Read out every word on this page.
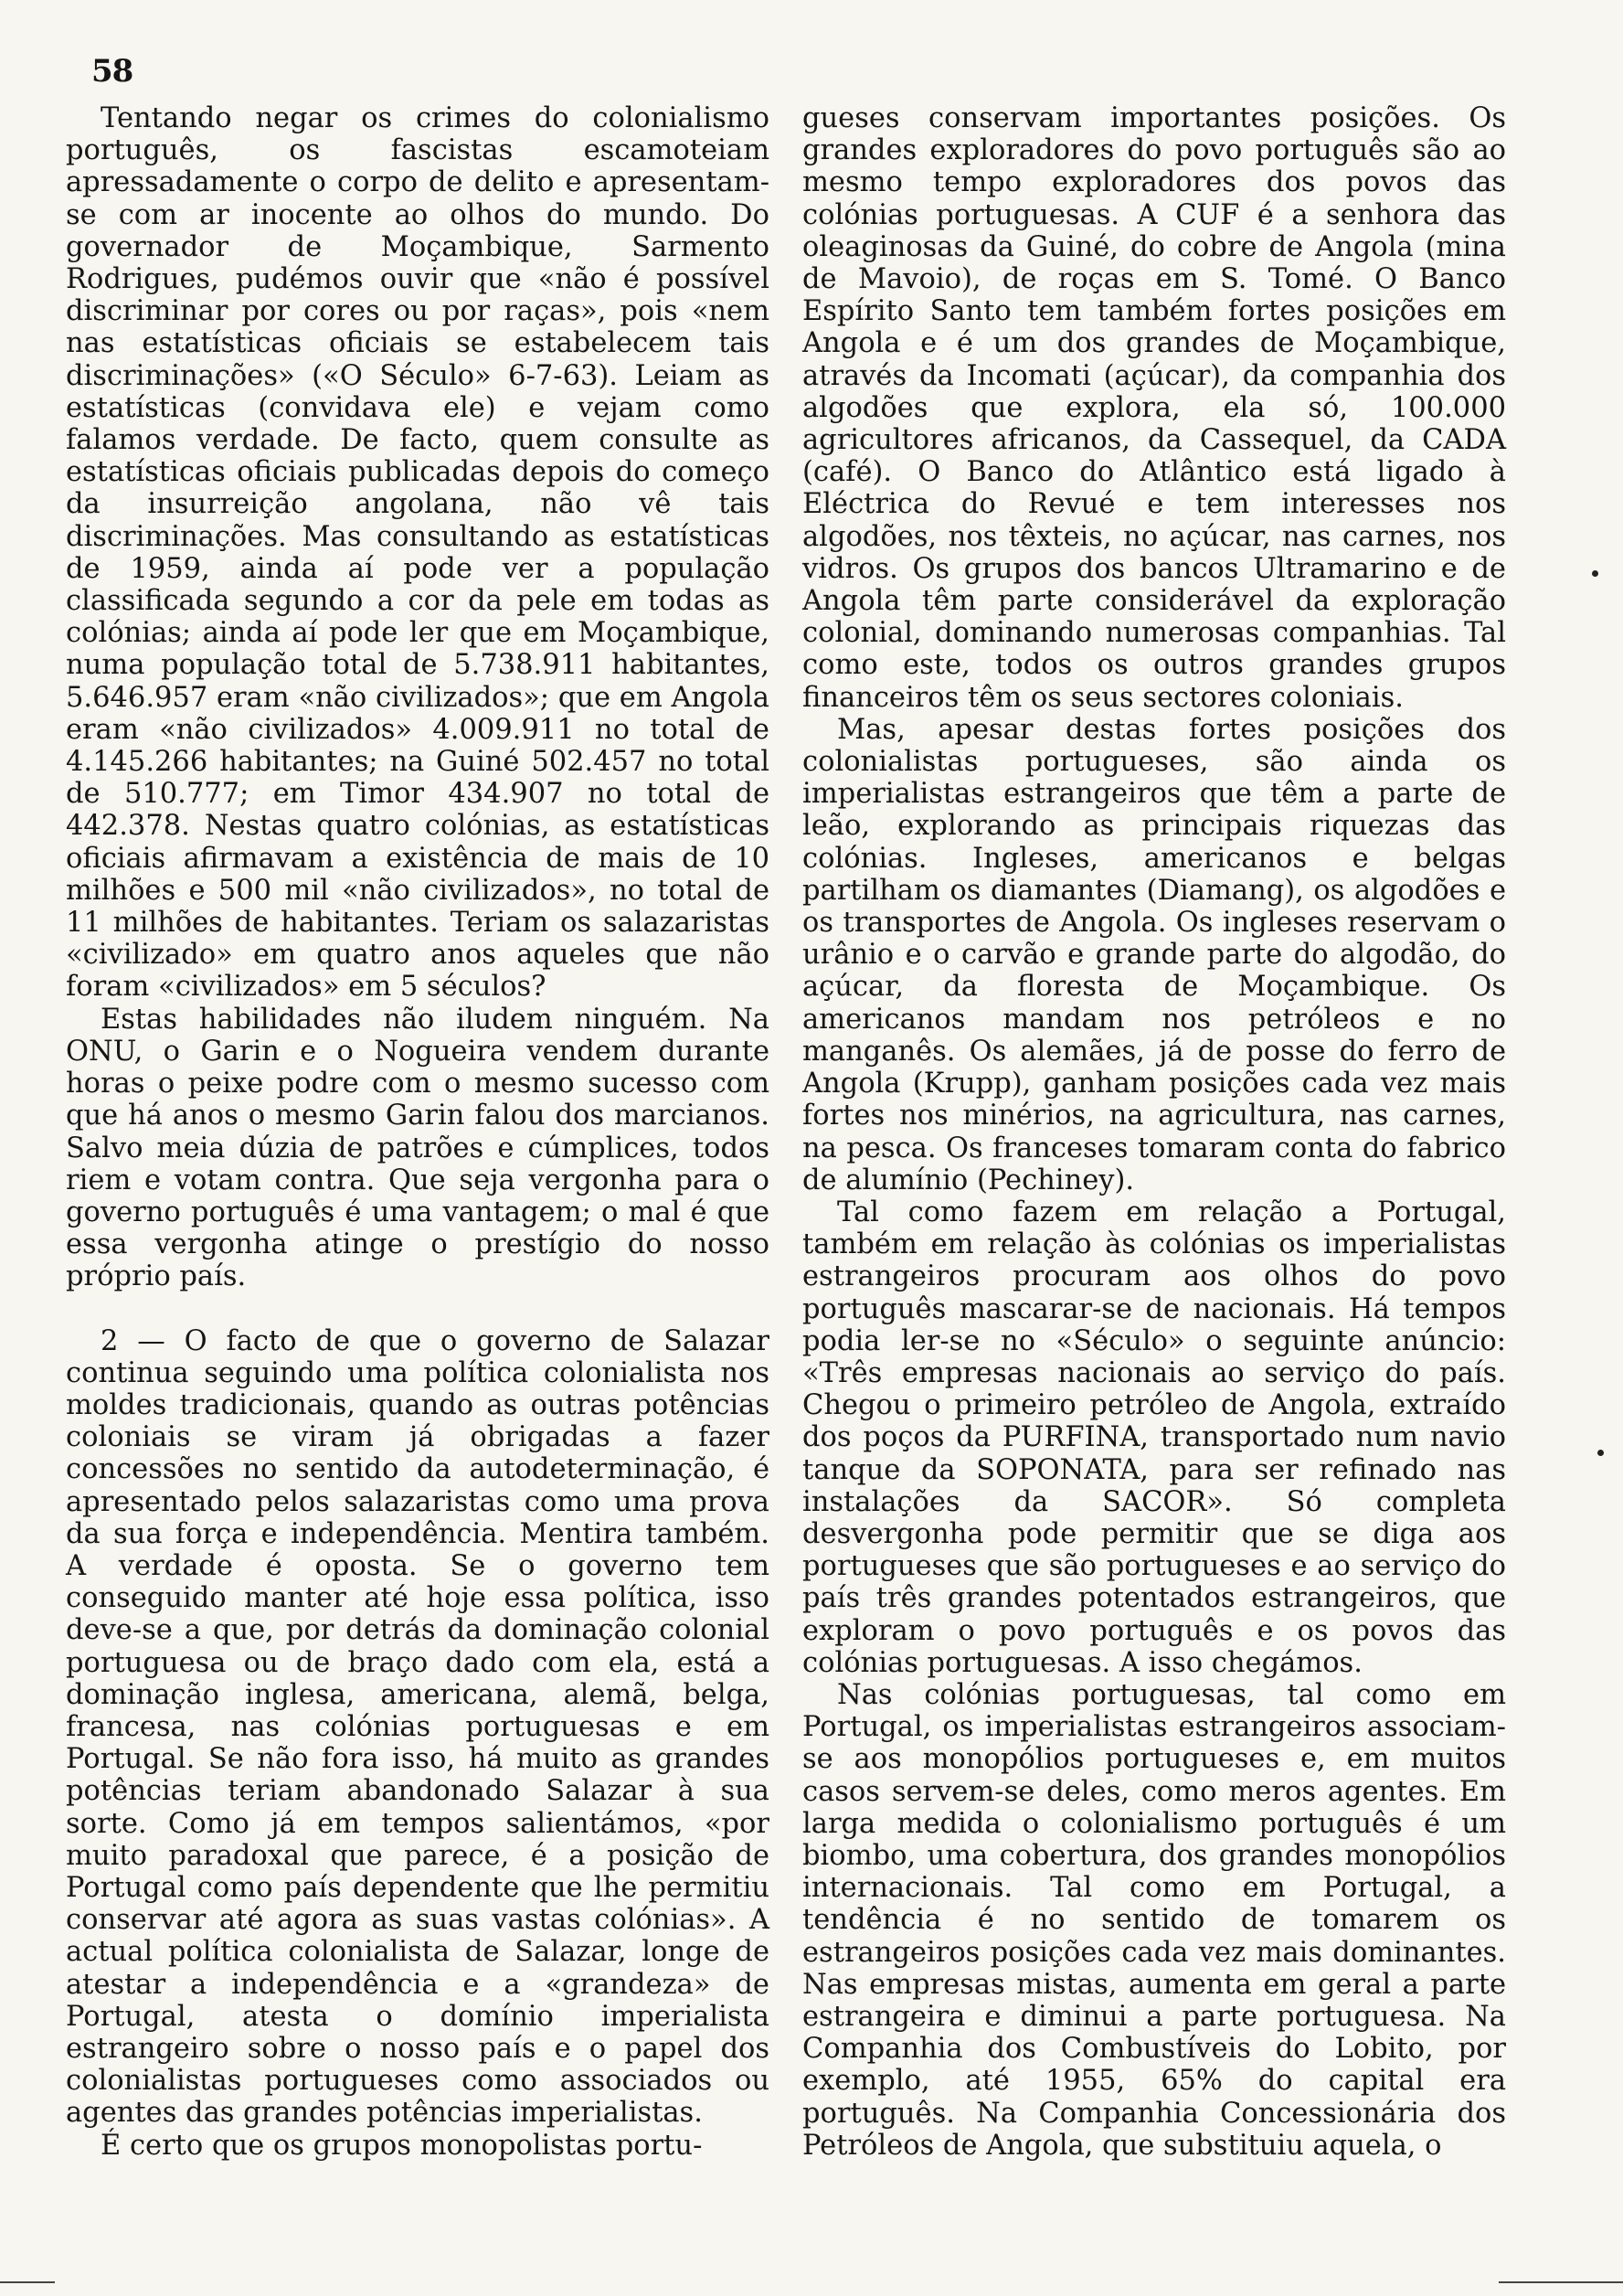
58

Tentando negar os crimes do colonialismo português, os fascistas escamoteiam apressadamente o corpo de delito e apresentam-se com ar inocente ao olhos do mundo. Do governador de Moçambique, Sarmento Rodrigues, pudémos ouvir que «não é possível discriminar por cores ou por raças», pois «nem nas estatísticas oficiais se estabelecem tais discriminações» («O Século» 6-7-63). Leiam as estatísticas (convidava ele) e vejam como falamos verdade. De facto, quem consulte as estatísticas oficiais publicadas depois do começo da insurreição angolana, não vê tais discriminações. Mas consultando as estatísticas de 1959, ainda aí pode ver a população classificada segundo a cor da pele em todas as colónias; ainda aí pode ler que em Moçambique, numa população total de 5.738.911 habitantes, 5.646.957 eram «não civilizados»; que em Angola eram «não civilizados» 4.009.911 no total de 4.145.266 habitantes; na Guiné 502.457 no total de 510.777; em Timor 434.907 no total de 442.378. Nestas quatro colónias, as estatísticas oficiais afirmavam a existência de mais de 10 milhões e 500 mil «não civilizados», no total de 11 milhões de habitantes. Teriam os salazaristas «civilizado» em quatro anos aqueles que não foram «civilizados» em 5 séculos?

Estas habilidades não iludem ninguém. Na ONU, o Garin e o Nogueira vendem durante horas o peixe podre com o mesmo sucesso com que há anos o mesmo Garin falou dos marcianos. Salvo meia dúzia de patrões e cúmplices, todos riem e votam contra. Que seja vergonha para o governo português é uma vantagem; o mal é que essa vergonha atinge o prestígio do nosso próprio país.

2 — O facto de que o governo de Salazar continua seguindo uma política colonialista nos moldes tradicionais, quando as outras potências coloniais se viram já obrigadas a fazer concessões no sentido da autodeterminação, é apresentado pelos salazaristas como uma prova da sua força e independência. Mentira também. A verdade é oposta. Se o governo tem conseguido manter até hoje essa política, isso deve-se a que, por detrás da dominação colonial portuguesa ou de braço dado com ela, está a dominação inglesa, americana, alemã, belga, francesa, nas colónias portuguesas e em Portugal. Se não fora isso, há muito as grandes potências teriam abandonado Salazar à sua sorte. Como já em tempos salientámos, «por muito paradoxal que parece, é a posição de Portugal como país dependente que lhe permitiu conservar até agora as suas vastas colónias». A actual política colonialista de Salazar, longe de atestar a independência e a «grandeza» de Portugal, atesta o domínio imperialista estrangeiro sobre o nosso país e o papel dos colonialistas portugueses como associados ou agentes das grandes potências imperialistas.

É certo que os grupos monopolistas portu-

gueses conservam importantes posições. Os grandes exploradores do povo português são ao mesmo tempo exploradores dos povos das colónias portuguesas. A CUF é a senhora das oleaginosas da Guiné, do cobre de Angola (mina de Mavoio), de roças em S. Tomé. O Banco Espírito Santo tem também fortes posições em Angola e é um dos grandes de Moçambique, através da Incomati (açúcar), da companhia dos algodões que explora, ela só, 100.000 agricultores africanos, da Cassequel, da CADA (café). O Banco do Atlântico está ligado à Eléctrica do Revué e tem interesses nos algodões, nos têxteis, no açúcar, nas carnes, nos vidros. Os grupos dos bancos Ultramarino e de Angola têm parte considerável da exploração colonial, dominando numerosas companhias. Tal como este, todos os outros grandes grupos financeiros têm os seus sectores coloniais.

Mas, apesar destas fortes posições dos colonialistas portugueses, são ainda os imperialistas estrangeiros que têm a parte de leão, explorando as principais riquezas das colónias. Ingleses, americanos e belgas partilham os diamantes (Diamang), os algodões e os transportes de Angola. Os ingleses reservam o urânio e o carvão e grande parte do algodão, do açúcar, da floresta de Moçambique. Os americanos mandam nos petróleos e no manganês. Os alemães, já de posse do ferro de Angola (Krupp), ganham posições cada vez mais fortes nos minérios, na agricultura, nas carnes, na pesca. Os franceses tomaram conta do fabrico de alumínio (Pechiney).

Tal como fazem em relação a Portugal, também em relação às colónias os imperialistas estrangeiros procuram aos olhos do povo português mascarar-se de nacionais. Há tempos podia ler-se no «Século» o seguinte anúncio: «Três empresas nacionais ao serviço do país. Chegou o primeiro petróleo de Angola, extraído dos poços da PURFINA, transportado num navio tanque da SOPONATA, para ser refinado nas instalações da SACOR». Só completa desvergonha pode permitir que se diga aos portugueses que são portugueses e ao serviço do país três grandes potentados estrangeiros, que exploram o povo português e os povos das colónias portuguesas. A isso chegámos.

Nas colónias portuguesas, tal como em Portugal, os imperialistas estrangeiros associam-se aos monopólios portugueses e, em muitos casos servem-se deles, como meros agentes. Em larga medida o colonialismo português é um biombo, uma cobertura, dos grandes monopólios internacionais. Tal como em Portugal, a tendência é no sentido de tomarem os estrangeiros posições cada vez mais dominantes. Nas empresas mistas, aumenta em geral a parte estrangeira e diminui a parte portuguesa. Na Companhia dos Combustíveis do Lobito, por exemplo, até 1955, 65% do capital era português. Na Companhia Concessionária dos Petróleos de Angola, que substituiu aquela, o
